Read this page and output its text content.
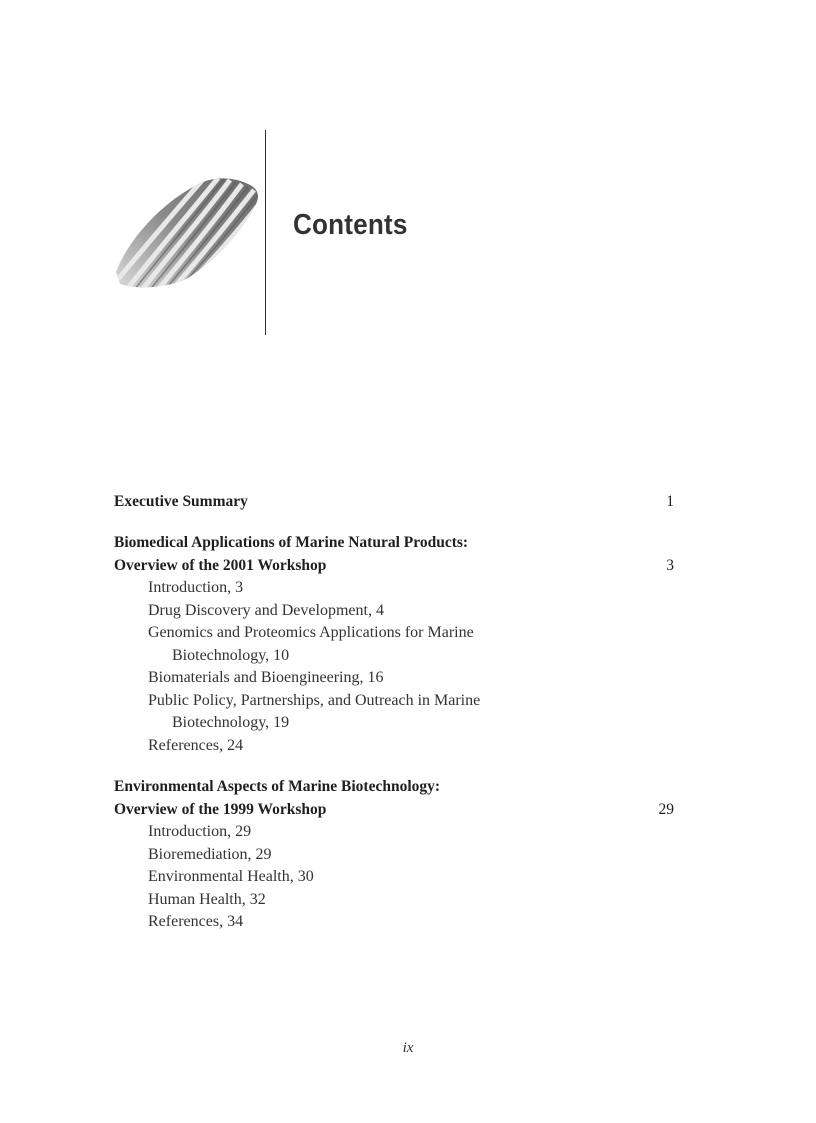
Contents
Executive Summary	1
Biomedical Applications of Marine Natural Products:
Overview of the 2001 Workshop	3
Introduction, 3
Drug Discovery and Development, 4
Genomics and Proteomics Applications for Marine
Biotechnology, 10
Biomaterials and Bioengineering, 16
Public Policy, Partnerships, and Outreach in Marine
Biotechnology, 19
References, 24
Environmental Aspects of Marine Biotechnology:
Overview of the 1999 Workshop	29
Introduction, 29
Bioremediation, 29
Environmental Health, 30
Human Health, 32
References, 34
ix
